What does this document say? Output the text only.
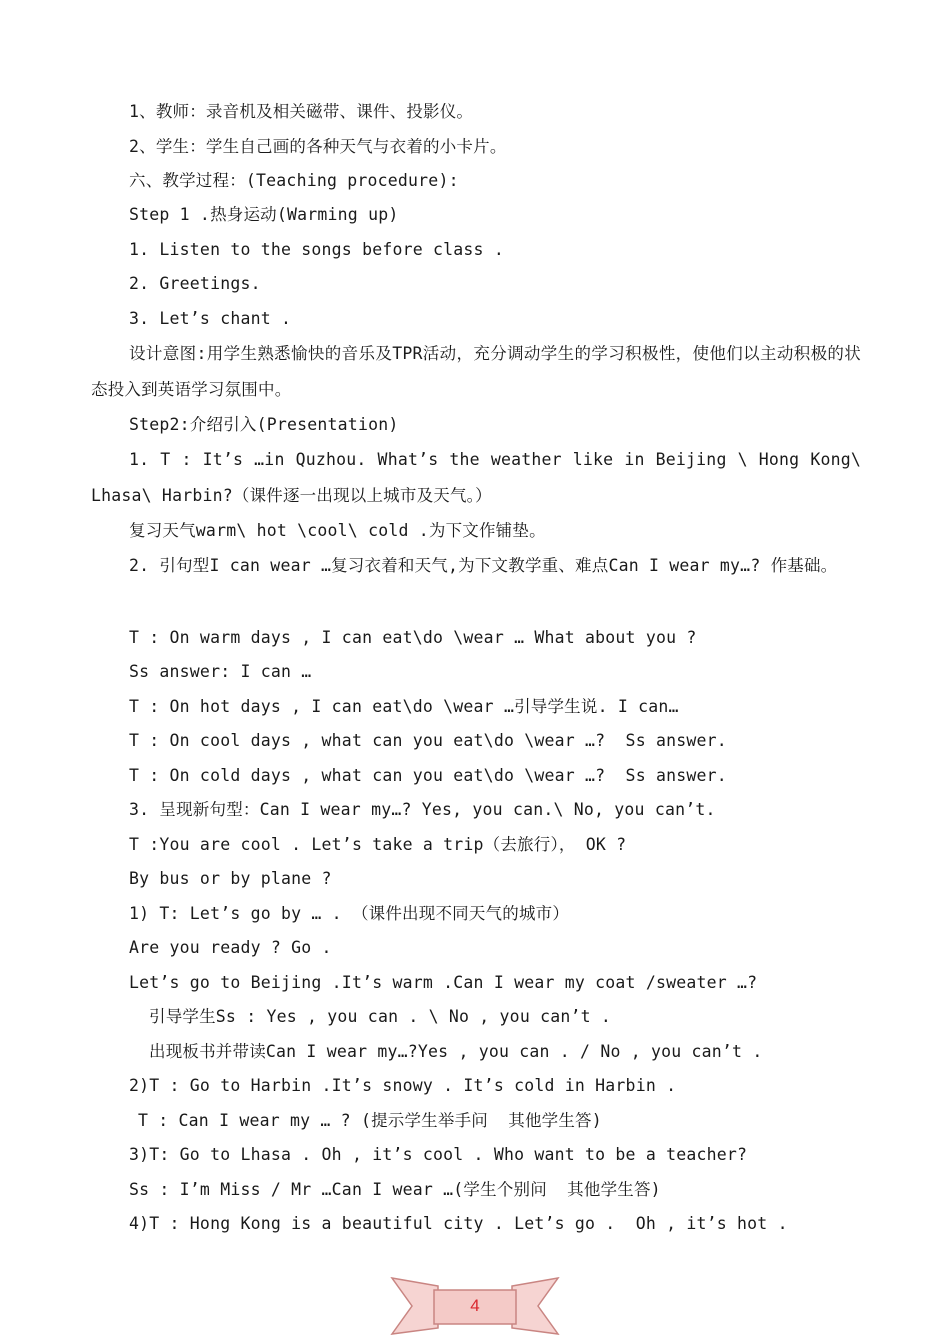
1、教师：录音机及相关磁带、课件、投影仪。
2、学生：学生自己画的各种天气与衣着的小卡片。
六、教学过程：(Teaching procedure):
Step 1 .热身运动(Warming up)
1. Listen to the songs before class .
2. Greetings.
3. Let’s chant .
设计意图:用学生熟悉愉快的音乐及TPR活动，充分调动学生的学习积极性，使他们以主动积极的状态投入到英语学习氛围中。
Step2:介绍引入(Presentation)
1. T : It’s …in Quzhou. What’s the weather like in Beijing \ Hong Kong\ Lhasa\ Harbin?（课件逐一出现以上城市及天气。）
复习天气warm\ hot \cool\ cold .为下文作铺垫。
2. 引句型I can wear …复习衣着和天气,为下文教学重、难点Can I wear my…? 作基础。
T : On warm days , I can eat\do \wear … What about you ?
Ss answer: I can …
T : On hot days , I can eat\do \wear …引导学生说. I can…
T : On cool days , what can you eat\do \wear …?  Ss answer.
T : On cold days , what can you eat\do \wear …?  Ss answer.
3. 呈现新句型：Can I wear my…? Yes, you can.\ No, you can’t.
T :You are cool . Let’s take a trip（去旅行）， OK ?
By bus or by plane ?
1) T: Let’s go by … . （课件出现不同天气的城市）
Are you ready ? Go .
Let’s go to Beijing .It’s warm .Can I wear my coat /sweater …?
引导学生Ss : Yes , you can . \ No , you can’t .
出现板书并带读Can I wear my…?Yes , you can . / No , you can’t .
2)T : Go to Harbin .It’s snowy . It’s cold in Harbin .
T : Can I wear my … ? (提示学生举手问  其他学生答)
3)T: Go to Lhasa . Oh , it’s cool . Who want to be a teacher?
Ss : I’m Miss / Mr …Can I wear …(学生个别问  其他学生答)
4)T : Hong Kong is a beautiful city . Let’s go .  Oh , it’s hot .
4
